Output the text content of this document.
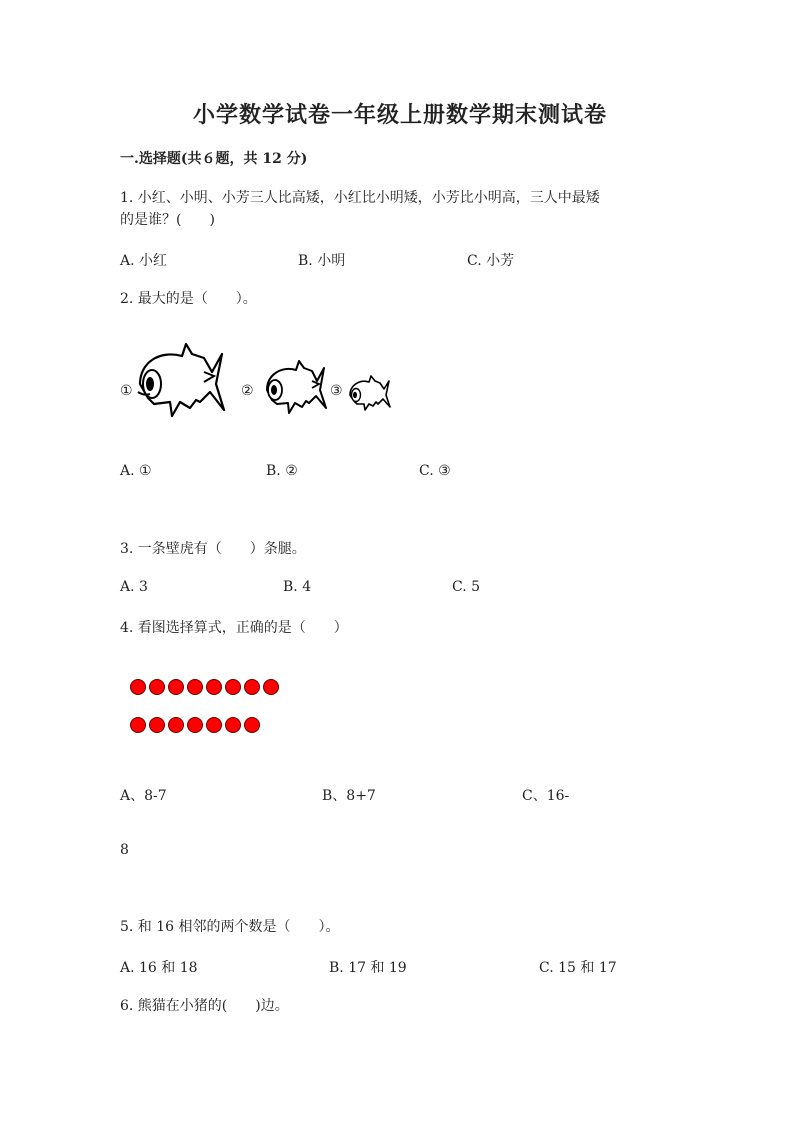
小学数学试卷一年级上册数学期末测试卷
一.选择题(共６题，共 12 分)
1. 小红、小明、小芳三人比高矮，小红比小明矮，小芳比小明高，三人中最矮
的是谁？(　　)
A. 小红	B. 小明	C. 小芳
2. 最大的是（　　）。
①	②	③
A. ①	B. ②	C. ③
3. 一条壁虎有（　　）条腿。
A. 3	B. 4	C. 5
4. 看图选择算式，正确的是（　　）
A、8-7	B、8+7	C、16-
8
5. 和 16 相邻的两个数是（　　）。
A. 16 和 18	B. 17 和 19	C. 15 和 17
6. 熊猫在小猪的(　　)边。
